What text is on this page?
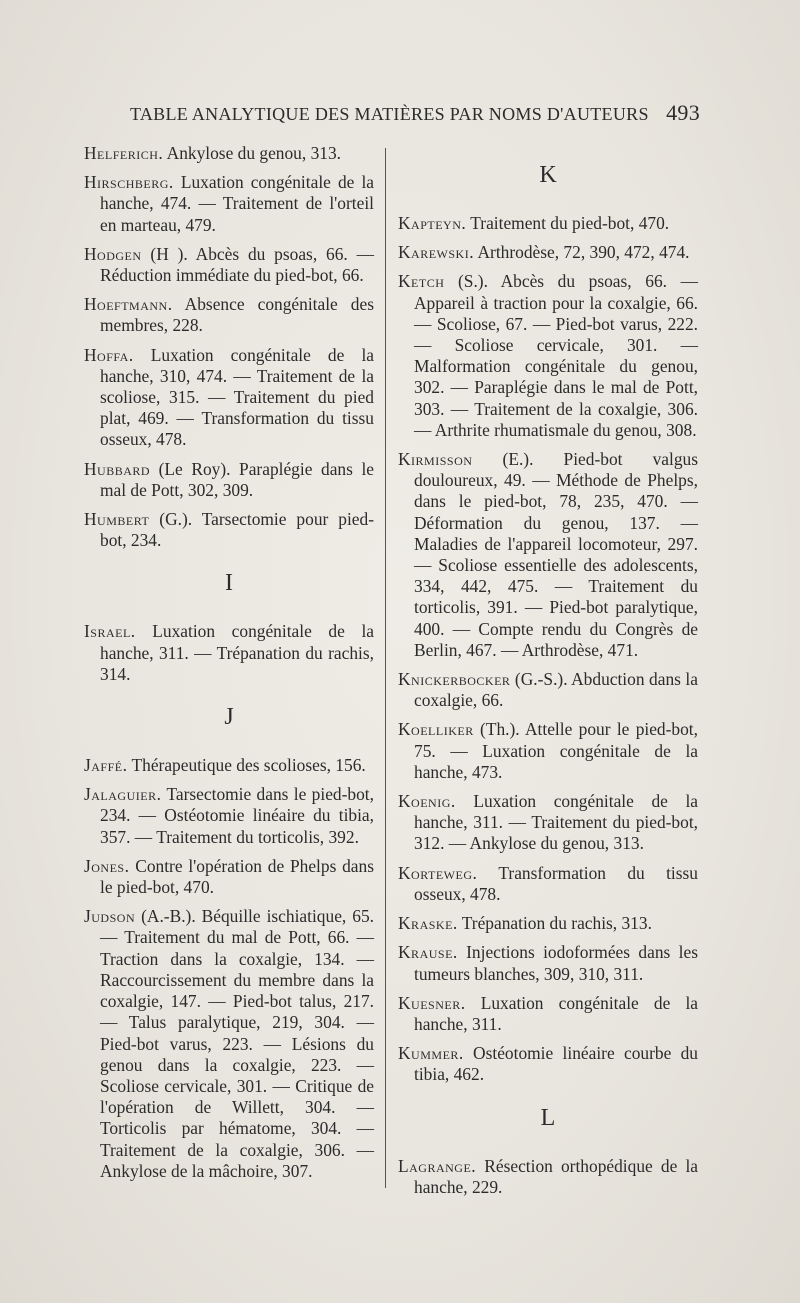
TABLE ANALYTIQUE DES MATIÈRES PAR NOMS D'AUTEURS 493
Helferich. Ankylose du genou, 313.
Hirschberg. Luxation congénitale de la hanche, 474. — Traitement de l'orteil en marteau, 479.
Hodgen (H ). Abcès du psoas, 66. — Réduction immédiate du pied-bot, 66.
Hoeftmann. Absence congénitale des membres, 228.
Hoffa. Luxation congénitale de la hanche, 310, 474. — Traitement de la scoliose, 315. — Traitement du pied plat, 469. — Transformation du tissu osseux, 478.
Hubbard (Le Roy). Paraplégie dans le mal de Pott, 302, 309.
Humbert (G.). Tarsectomie pour pied-bot, 234.
I
Israel. Luxation congénitale de la hanche, 311. — Trépanation du rachis, 314.
J
Jaffé. Thérapeutique des scolioses, 156.
Jalaguier. Tarsectomie dans le pied-bot, 234. — Ostéotomie linéaire du tibia, 357. — Traitement du torticolis, 392.
Jones. Contre l'opération de Phelps dans le pied-bot, 470.
Judson (A.-B.). Béquille ischiatique, 65.— Traitement du mal de Pott, 66. — Traction dans la coxalgie, 134. — Raccourcissement du membre dans la coxalgie, 147. — Pied-bot talus, 217. — Talus paralytique, 219, 304. — Pied-bot varus, 223. — Lésions du genou dans la coxalgie, 223. — Scoliose cervicale, 301. — Critique de l'opération de Willett, 304. — Torticolis par hématome, 304. — Traitement de la coxalgie, 306. — Ankylose de la mâchoire, 307.
K
Kapteyn. Traitement du pied-bot, 470.
Karewski. Arthrodèse, 72, 390, 472, 474.
Ketch (S.). Abcès du psoas, 66. — Appareil à traction pour la coxalgie, 66. — Scoliose, 67. — Pied-bot varus, 222. — Scoliose cervicale, 301. — Malformation congénitale du genou, 302. — Paraplégie dans le mal de Pott, 303. — Traitement de la coxalgie, 306. — Arthrite rhumatismale du genou, 308.
Kirmisson (E.). Pied-bot valgus douloureux, 49. — Méthode de Phelps, dans le pied-bot, 78, 235, 470. — Déformation du genou, 137. — Maladies de l'appareil locomoteur, 297. — Scoliose essentielle des adolescents, 334, 442, 475. — Traitement du torticolis, 391. — Pied-bot paralytique, 400. — Compte rendu du Congrès de Berlin, 467. — Arthrodèse, 471.
Knickerbocker (G.-S.). Abduction dans la coxalgie, 66.
Koelliker (Th.). Attelle pour le pied-bot, 75. — Luxation congénitale de la hanche, 473.
Koenig. Luxation congénitale de la hanche, 311. — Traitement du pied-bot, 312. — Ankylose du genou, 313.
Korteweg. Transformation du tissu osseux, 478.
Kraske. Trépanation du rachis, 313.
Krause. Injections iodoformées dans les tumeurs blanches, 309, 310, 311.
Kuesner. Luxation congénitale de la hanche, 311.
Kummer. Ostéotomie linéaire courbe du tibia, 462.
L
Lagrange. Résection orthopédique de la hanche, 229.
